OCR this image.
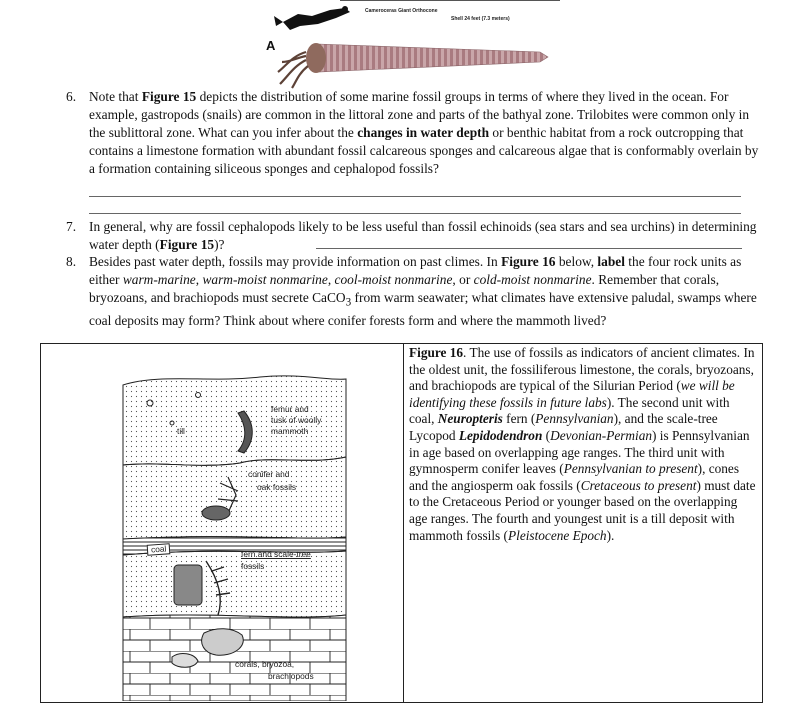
Cameroceras Giant Orthocone
Shell 24 feet (7.3 meters)
A
6. Note that Figure 15 depicts the distribution of some marine fossil groups in terms of where they lived in the ocean. For example, gastropods (snails) are common in the littoral zone and parts of the bathyal zone. Trilobites were common only in the sublittoral zone. What can you infer about the changes in water depth or benthic habitat from a rock outcropping that contains a limestone formation with abundant fossil calcareous sponges and calcareous algae that is conformably overlain by a formation containing siliceous sponges and cephalopod fossils?
7. In general, why are fossil cephalopods likely to be less useful than fossil echinoids (sea stars and sea urchins) in determining water depth (Figure 15)?
8. Besides past water depth, fossils may provide information on past climes. In Figure 16 below, label the four rock units as either warm-marine, warm-moist nonmarine, cool-moist nonmarine, or cold-moist nonmarine. Remember that corals, bryozoans, and brachiopods must secrete CaCO$_3$ from warm seawater; what climates have extensive paludal, swamps where coal deposits may form? Think about where conifer forests form and where the mammoth lived?
till
femur and
tusk of woolly
mammoth
conifer and
oak fossils
coal	fern and scale-tree
fossils
corals, bryozoa,
brachiopods
Figure 16. The use of fossils as indicators of ancient climates. In the oldest unit, the fossiliferous limestone, the corals, bryozoans, and brachiopods are typical of the Silurian Period (we will be identifying these fossils in future labs). The second unit with coal, Neuropteris fern (Pennsylvanian), and the scale-tree Lycopod Lepidodendron (Devonian-Permian) is Pennsylvanian in age based on overlapping age ranges. The third unit with gymnosperm conifer leaves (Pennsylvanian to present), cones and the angiosperm oak fossils (Cretaceous to present) must date to the Cretaceous Period or younger based on the overlapping age ranges. The fourth and youngest unit is a till deposit with mammoth fossils (Pleistocene Epoch).
